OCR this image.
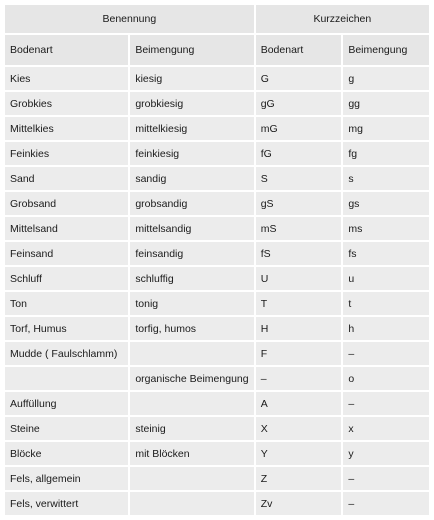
Benennung		Kurzzeichen	
Bodenart	Beimengung	Bodenart	Beimengung
Kies	kiesig	G	g
Grobkies	grobkiesig	gG	gg
Mittelkies	mittelkiesig	mG	mg
Feinkies	feinkiesig	fG	fg
Sand	sandig	S	s
Grobsand	grobsandig	gS	gs
Mittelsand	mittelsandig	mS	ms
Feinsand	feinsandig	fS	fs
Schluff	schluffig	U	u
Ton	tonig	T	t
Torf, Humus	torfig, humos	H	h
Mudde ( Faulschlamm)		F	–
	organische Beimengung	–	o
Auffüllung		A	–
Steine	steinig	X	x
Blöcke	mit Blöcken	Y	y
Fels, allgemein		Z	–
Fels, verwittert		Zv	–
